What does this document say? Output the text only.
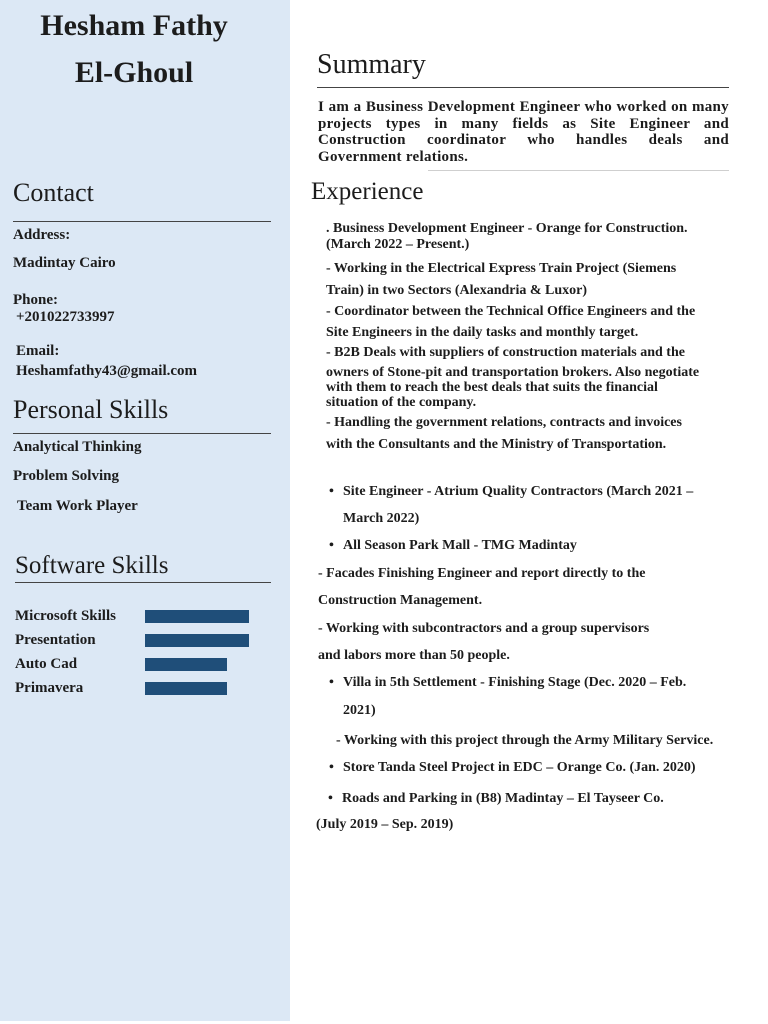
Hesham Fathy
El-Ghoul
Contact
Address:
Madintay Cairo
Phone:
+201022733997
Email:
Heshamfathy43@gmail.com
Personal Skills
Analytical Thinking
Problem Solving
Team Work Player
Software Skills
Microsoft Skills
Presentation
Auto Cad
Primavera
Summary
I am a Business Development Engineer who worked on many projects types in many fields as Site Engineer and Construction coordinator who handles deals and Government relations.
Experience
. Business Development Engineer - Orange for Construction.
(March 2022 – Present.)
- Working in the Electrical Express Train Project (Siemens
Train) in two Sectors (Alexandria & Luxor)
- Coordinator between the Technical Office Engineers and the
Site Engineers in the daily tasks and monthly target.
- B2B Deals with suppliers of construction materials and the
owners of Stone-pit and transportation brokers. Also negotiate
with them to reach the best deals that suits the financial
situation of the company.
- Handling the government relations, contracts and invoices
with the Consultants and the Ministry of Transportation.
• Site Engineer - Atrium Quality Contractors (March 2021 –
March 2022)
• All Season Park Mall - TMG Madintay
- Facades Finishing Engineer and report directly to the
Construction Management.
- Working with subcontractors and a group supervisors
and labors more than 50 people.
• Villa in 5th Settlement - Finishing Stage (Dec. 2020 – Feb.
2021)
- Working with this project through the Army Military Service.
• Store Tanda Steel Project in EDC – Orange Co. (Jan. 2020)
• Roads and Parking in (B8) Madintay – El Tayseer Co.
(July 2019 – Sep. 2019)
